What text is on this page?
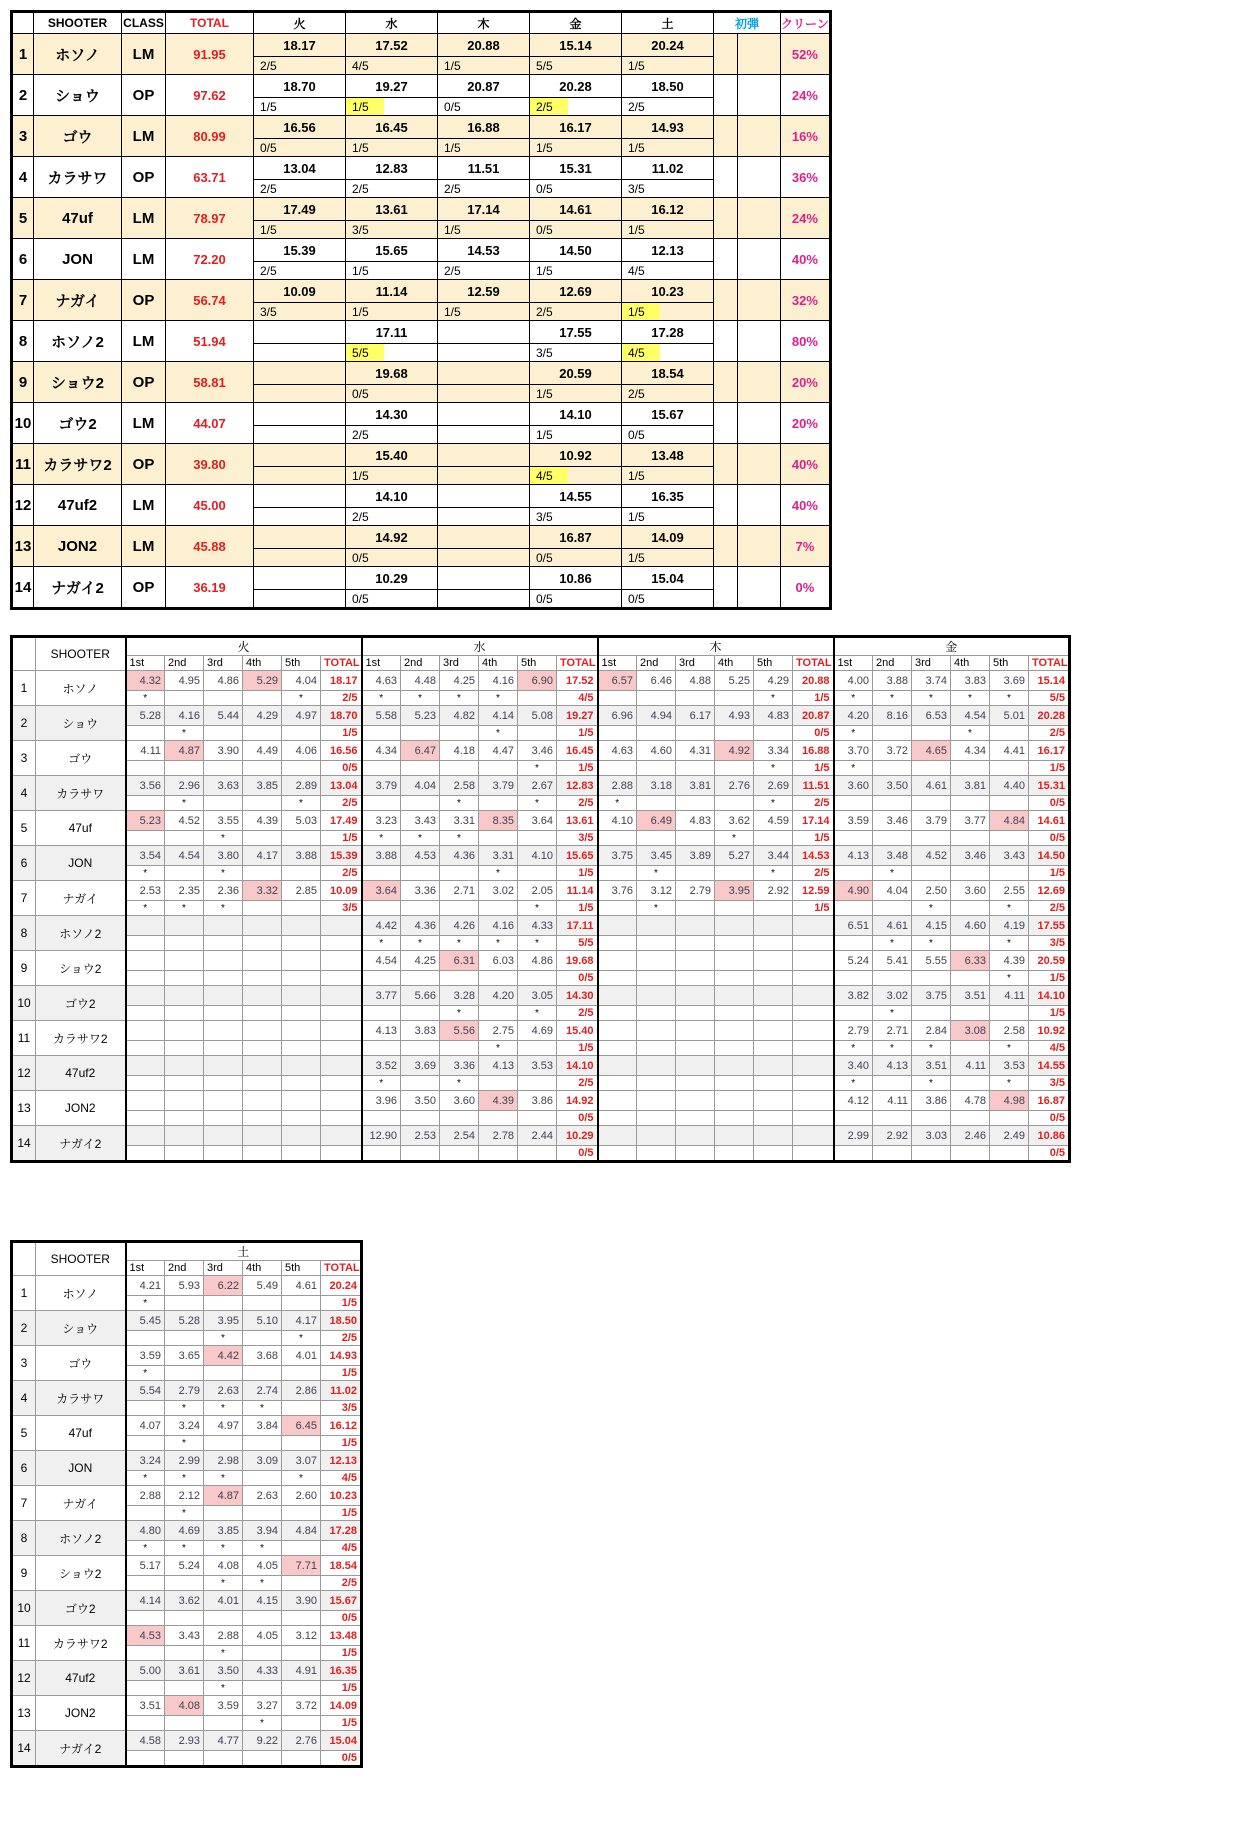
	SHOOTER	CLASS	TOTAL	火		水		木		金		土		初弾		クリーン
1	ホソノ	LM	91.95	18.17		17.52		20.88		15.14		20.24				52%
				2/5		4/5		1/5		5/5		1/5				
2	ショウ	OP	97.62	18.70		19.27		20.87		20.28		18.50				24%
				1/5		1/5		0/5		2/5		2/5				
3	ゴウ	LM	80.99	16.56		16.45		16.88		16.17		14.93				16%
				0/5		1/5		1/5		1/5		1/5				
4	カラサワ	OP	63.71	13.04		12.83		11.51		15.31		11.02				36%
				2/5		2/5		2/5		0/5		3/5				
5	47uf	LM	78.97	17.49		13.61		17.14		14.61		16.12				24%
				1/5		3/5		1/5		0/5		1/5				
6	JON	LM	72.20	15.39		15.65		14.53		14.50		12.13				40%
				2/5		1/5		2/5		1/5		4/5				
7	ナガイ	OP	56.74	10.09		11.14		12.59		12.69		10.23				32%
				3/5		1/5		1/5		2/5		1/5				
8	ホソノ2	LM	51.94			17.11				17.55		17.28				80%
						5/5				3/5		4/5				
9	ショウ2	OP	58.81			19.68				20.59		18.54				20%
						0/5				1/5		2/5				
10	ゴウ2	LM	44.07			14.30				14.10		15.67				20%
						2/5				1/5		0/5				
11	カラサワ2	OP	39.80			15.40				10.92		13.48				40%
						1/5				4/5		1/5				
12	47uf2	LM	45.00			14.10				14.55		16.35				40%
						2/5				3/5		1/5				
13	JON2	LM	45.88			14.92				16.87		14.09				7%
						0/5				0/5		1/5				
14	ナガイ2	OP	36.19			10.29				10.86		15.04				0%
						0/5				0/5		0/5				
	SHOOTER	火						水						木						金					
		1st	2nd	3rd	4th	5th	TOTAL	1st	2nd	3rd	4th	5th	TOTAL	1st	2nd	3rd	4th	5th	TOTAL	1st	2nd	3rd	4th	5th	TOTAL
1	ホソノ	4.32	4.95	4.86	5.29	4.04	18.17	4.63	4.48	4.25	4.16	6.90	17.52	6.57	6.46	4.88	5.25	4.29	20.88	4.00	3.88	3.74	3.83	3.69	15.14
		*				*	2/5	*	*	*	*		4/5					*	1/5	*	*	*	*	*	5/5
2	ショウ	5.28	4.16	5.44	4.29	4.97	18.70	5.58	5.23	4.82	4.14	5.08	19.27	6.96	4.94	6.17	4.93	4.83	20.87	4.20	8.16	6.53	4.54	5.01	20.28
			*				1/5				*		1/5						0/5	*			*		2/5
3	ゴウ	4.11	4.87	3.90	4.49	4.06	16.56	4.34	6.47	4.18	4.47	3.46	16.45	4.63	4.60	4.31	4.92	3.34	16.88	3.70	3.72	4.65	4.34	4.41	16.17
							0/5					*	1/5					*	1/5	*					1/5
4	カラサワ	3.56	2.96	3.63	3.85	2.89	13.04	3.79	4.04	2.58	3.79	2.67	12.83	2.88	3.18	3.81	2.76	2.69	11.51	3.60	3.50	4.61	3.81	4.40	15.31
			*			*	2/5			*		*	2/5	*				*	2/5						0/5
5	47uf	5.23	4.52	3.55	4.39	5.03	17.49	3.23	3.43	3.31	8.35	3.64	13.61	4.10	6.49	4.83	3.62	4.59	17.14	3.59	3.46	3.79	3.77	4.84	14.61
				*			1/5	*	*	*			3/5				*		1/5						0/5
6	JON	3.54	4.54	3.80	4.17	3.88	15.39	3.88	4.53	4.36	3.31	4.10	15.65	3.75	3.45	3.89	5.27	3.44	14.53	4.13	3.48	4.52	3.46	3.43	14.50
		*		*			2/5				*		1/5		*			*	2/5		*				1/5
7	ナガイ	2.53	2.35	2.36	3.32	2.85	10.09	3.64	3.36	2.71	3.02	2.05	11.14	3.76	3.12	2.79	3.95	2.92	12.59	4.90	4.04	2.50	3.60	2.55	12.69
		*	*	*			3/5					*	1/5		*				1/5			*		*	2/5
8	ホソノ2							4.42	4.36	4.26	4.16	4.33	17.11							6.51	4.61	4.15	4.60	4.19	17.55
								*	*	*	*	*	5/5								*	*		*	3/5
9	ショウ2							4.54	4.25	6.31	6.03	4.86	19.68							5.24	5.41	5.55	6.33	4.39	20.59
													0/5											*	1/5
10	ゴウ2							3.77	5.66	3.28	4.20	3.05	14.30							3.82	3.02	3.75	3.51	4.11	14.10
										*		*	2/5								*				1/5
11	カラサワ2							4.13	3.83	5.56	2.75	4.69	15.40							2.79	2.71	2.84	3.08	2.58	10.92
											*		1/5							*	*	*		*	4/5
12	47uf2							3.52	3.69	3.36	4.13	3.53	14.10							3.40	4.13	3.51	4.11	3.53	14.55
								*		*			2/5							*		*		*	3/5
13	JON2							3.96	3.50	3.60	4.39	3.86	14.92							4.12	4.11	3.86	4.78	4.98	16.87
													0/5												0/5
14	ナガイ2							12.90	2.53	2.54	2.78	2.44	10.29							2.99	2.92	3.03	2.46	2.49	10.86
													0/5												0/5
	SHOOTER	土					
		1st	2nd	3rd	4th	5th	TOTAL
1	ホソノ	4.21	5.93	6.22	5.49	4.61	20.24
		*					1/5
2	ショウ	5.45	5.28	3.95	5.10	4.17	18.50
				*		*	2/5
3	ゴウ	3.59	3.65	4.42	3.68	4.01	14.93
		*					1/5
4	カラサワ	5.54	2.79	2.63	2.74	2.86	11.02
			*	*	*		3/5
5	47uf	4.07	3.24	4.97	3.84	6.45	16.12
			*				1/5
6	JON	3.24	2.99	2.98	3.09	3.07	12.13
		*	*	*		*	4/5
7	ナガイ	2.88	2.12	4.87	2.63	2.60	10.23
			*				1/5
8	ホソノ2	4.80	4.69	3.85	3.94	4.84	17.28
		*	*	*	*		4/5
9	ショウ2	5.17	5.24	4.08	4.05	7.71	18.54
				*	*		2/5
10	ゴウ2	4.14	3.62	4.01	4.15	3.90	15.67
							0/5
11	カラサワ2	4.53	3.43	2.88	4.05	3.12	13.48
				*			1/5
12	47uf2	5.00	3.61	3.50	4.33	4.91	16.35
				*			1/5
13	JON2	3.51	4.08	3.59	3.27	3.72	14.09
					*		1/5
14	ナガイ2	4.58	2.93	4.77	9.22	2.76	15.04
							0/5
